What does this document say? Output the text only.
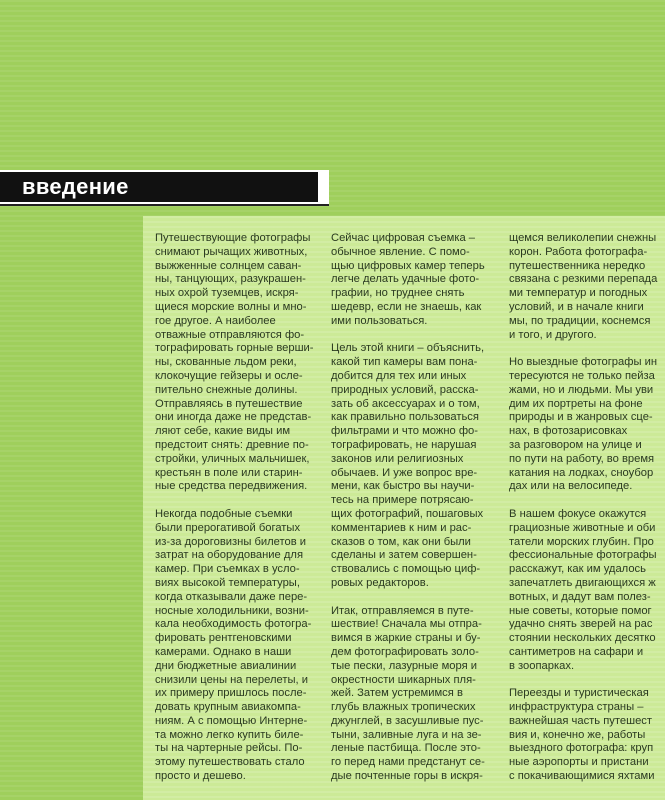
введение
Путешествующие фотографы
снимают рычащих животных,
выжженные солнцем саван-
ны, танцующих, разукрашен-
ных охрой туземцев, искря-
щиеся морские волны и мно-
гое другое. А наиболее
отважные отправляются фо-
тографировать горные верши-
ны, скованные льдом реки,
клокочущие гейзеры и осле-
пительно снежные долины.
Отправляясь в путешествие
они иногда даже не представ-
ляют себе, какие виды им
предстоит снять: древние по-
стройки, уличных мальчишек,
крестьян в поле или старин-
ные средства передвижения.
Некогда подобные съемки
были прерогативой богатых
из-за дороговизны билетов и
затрат на оборудование для
камер. При съемках в усло-
виях высокой температуры,
когда отказывали даже пере-
носные холодильники, возни-
кала необходимость фотогра-
фировать рентгеновскими
камерами. Однако в наши
дни бюджетные авиалинии
снизили цены на перелеты, и
их примеру пришлось после-
довать крупным авиакомпа-
ниям. А с помощью Интерне-
та можно легко купить биле-
ты на чартерные рейсы. По-
этому путешествовать стало
просто и дешево.
Сейчас цифровая съемка –
обычное явление. С помо-
щью цифровых камер теперь
легче делать удачные фото-
графии, но труднее снять
шедевр, если не знаешь, как
ими пользоваться.
Цель этой книги – объяснить,
какой тип камеры вам пона-
добится для тех или иных
природных условий, расска-
зать об аксессуарах и о том,
как правильно пользоваться
фильтрами и что можно фо-
тографировать, не нарушая
законов или религиозных
обычаев. И уже вопрос вре-
мени, как быстро вы научи-
тесь на примере потрясаю-
щих фотографий, пошаговых
комментариев к ним и рас-
сказов о том, как они были
сделаны и затем совершен-
ствовались с помощью циф-
ровых редакторов.
Итак, отправляемся в путе-
шествие! Сначала мы отпра-
вимся в жаркие страны и бу-
дем фотографировать золо-
тые пески, лазурные моря и
окрестности шикарных пля-
жей. Затем устремимся в
глубь влажных тропических
джунглей, в засушливые пус-
тыни, заливные луга и на зе-
леные пастбища. После это-
го перед нами предстанут се-
дые почтенные горы в искря-
щемся великолепии снежны
корон. Работа фотографа-
путешественника нередко
связана с резкими перепада
ми температур и погодных
условий, и в начале книги
мы, по традиции, коснемся
и того, и другого.
Но выездные фотографы ин
тересуются не только пейза
жами, но и людьми. Мы уви
дим их портреты на фоне
природы и в жанровых сце-
нах, в фотозарисовках
за разговором на улице и
по пути на работу, во время
катания на лодках, сноубор
дах или на велосипеде.
В нашем фокусе окажутся
грациозные животные и оби
татели морских глубин. Про
фессиональные фотографы
расскажут, как им удалось
запечатлеть двигающихся ж
вотных, и дадут вам полез-
ные советы, которые помог
удачно снять зверей на рас
стоянии нескольких десятко
сантиметров на сафари и
в зоопарках.
Переезды и туристическая
инфраструктура страны –
важнейшая часть путешест
вия и, конечно же, работы
выездного фотографа: круп
ные аэропорты и пристани
с покачивающимися яхтами
